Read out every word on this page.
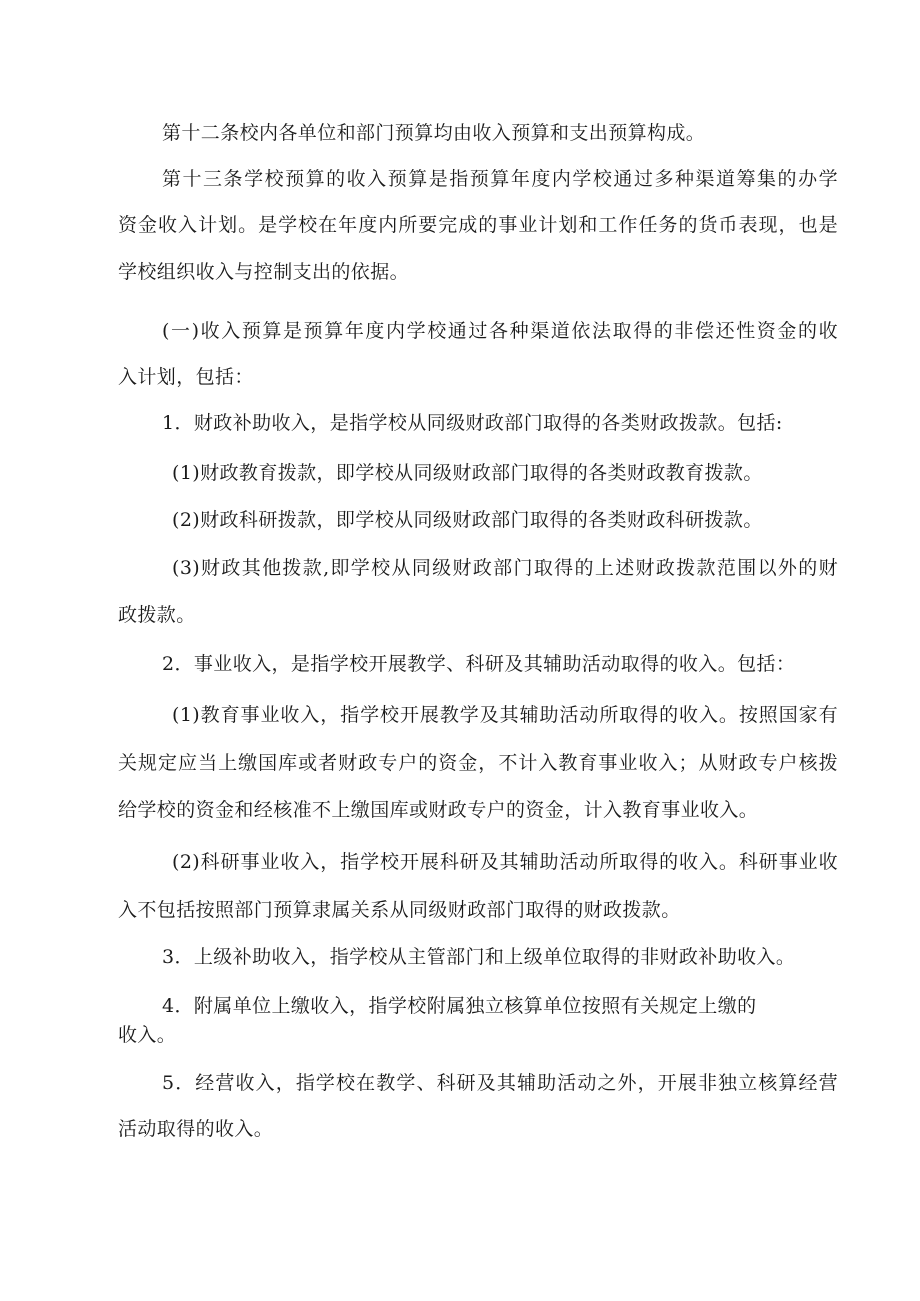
第十二条校内各单位和部门预算均由收入预算和支出预算构成。
第十三条学校预算的收入预算是指预算年度内学校通过多种渠道筹集的办学
资金收入计划。是学校在年度内所要完成的事业计划和工作任务的货币表现，也是
学校组织收入与控制支出的依据。
(一)收入预算是预算年度内学校通过各种渠道依法取得的非偿还性资金的收
入计划，包括：
1．财政补助收入，是指学校从同级财政部门取得的各类财政拨款。包括:
(1)财政教育拨款，即学校从同级财政部门取得的各类财政教育拨款。
(2)财政科研拨款，即学校从同级财政部门取得的各类财政科研拨款。
(3)财政其他拨款,即学校从同级财政部门取得的上述财政拨款范围以外的财
政拨款。
2．事业收入，是指学校开展教学、科研及其辅助活动取得的收入。包括：
(1)教育事业收入，指学校开展教学及其辅助活动所取得的收入。按照国家有
关规定应当上缴国库或者财政专户的资金，不计入教育事业收入；从财政专户核拨
给学校的资金和经核准不上缴国库或财政专户的资金，计入教育事业收入。
(2)科研事业收入，指学校开展科研及其辅助活动所取得的收入。科研事业收
入不包括按照部门预算隶属关系从同级财政部门取得的财政拨款。
3．上级补助收入，指学校从主管部门和上级单位取得的非财政补助收入。
4．附属单位上缴收入，指学校附属独立核算单位按照有关规定上缴的
收入。
5．经营收入，指学校在教学、科研及其辅助活动之外，开展非独立核算经营
活动取得的收入。
